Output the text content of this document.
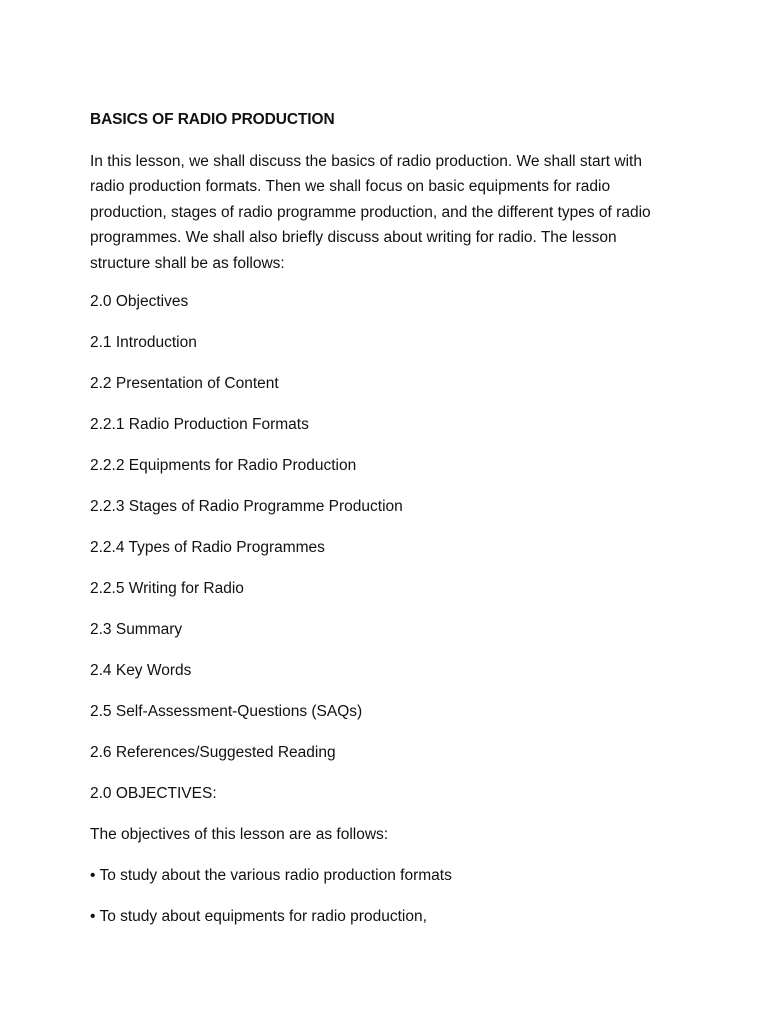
BASICS OF RADIO PRODUCTION

In this lesson, we shall discuss the basics of radio production. We shall start with radio production formats. Then we shall focus on basic equipments for radio production, stages of radio programme production, and the different types of radio programmes. We shall also briefly discuss about writing for radio. The lesson structure shall be as follows:

2.0 Objectives
2.1 Introduction
2.2 Presentation of Content
2.2.1 Radio Production Formats
2.2.2 Equipments for Radio Production
2.2.3 Stages of Radio Programme Production
2.2.4 Types of Radio Programmes
2.2.5 Writing for Radio
2.3 Summary
2.4 Key Words
2.5 Self-Assessment-Questions (SAQs)
2.6 References/Suggested Reading
2.0 OBJECTIVES:
The objectives of this lesson are as follows:
• To study about the various radio production formats
• To study about equipments for radio production,
